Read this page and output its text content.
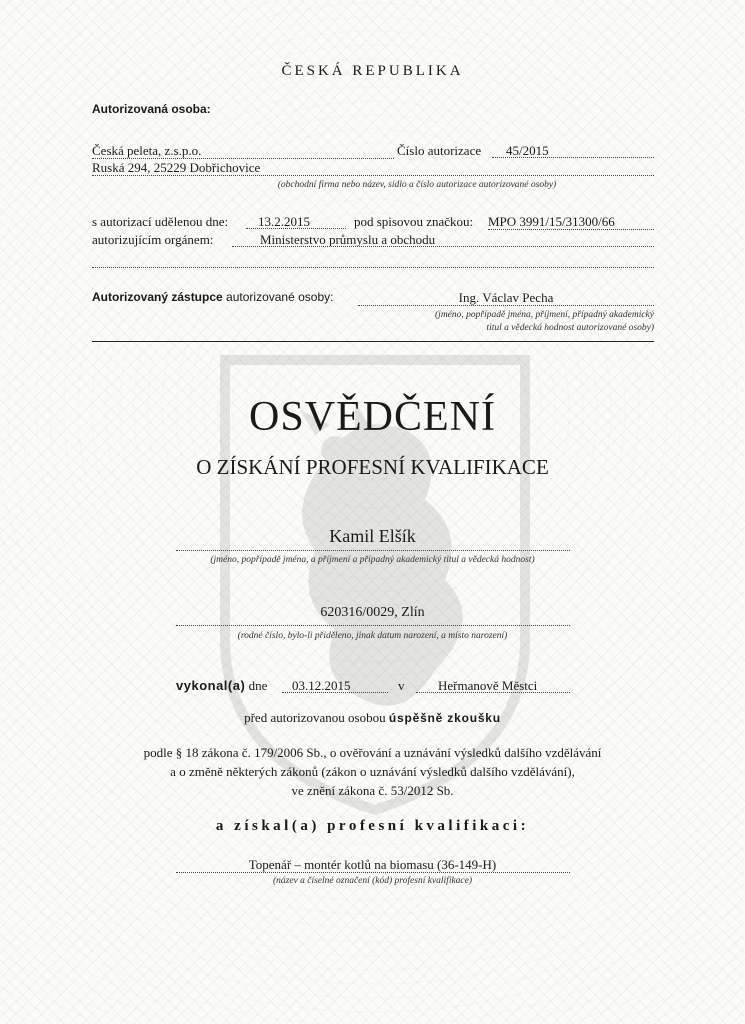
ČESKÁ REPUBLIKA
Autorizovaná osoba:
Česká peleta, z.s.p.o.	Číslo autorizace	45/2015
Ruská 294, 25229 Dobřichovice
(obchodní firma nebo název, sídlo a číslo autorizace autorizované osoby)
s autorizací udělenou dne:	13.2.2015	pod spisovou značkou: MPO 3991/15/31300/66
autorizujícím orgánem:	Ministerstvo průmyslu a obchodu
Autorizovaný zástupce autorizované osoby:	Ing. Václav Pecha
(jméno, popřípadě jména, příjmení, případný akademický
titul a vědecká hodnost autorizované osoby)
OSVĚDČENÍ
O ZÍSKÁNÍ PROFESNÍ KVALIFIKACE
Kamil Elšík
(jméno, popřípadě jména, a příjmení a případný akademický titul a vědecká hodnost)
620316/0029, Zlín
(rodné číslo, bylo-li přiděleno, jinak datum narození, a místo narození)
vykonal(a) dne	03.12.2015	v	Heřmanově Městci
před autorizovanou osobou úspěšně zkoušku
podle § 18 zákona č. 179/2006 Sb., o ověřování a uznávání výsledků dalšího vzdělávání
a o změně některých zákonů (zákon o uznávání výsledků dalšího vzdělávání),
ve znění zákona č. 53/2012 Sb.
a získal(a) profesní kvalifikaci:
Topenář – montér kotlů na biomasu (36-149-H)
(název a číselné označení (kód) profesní kvalifikace)
